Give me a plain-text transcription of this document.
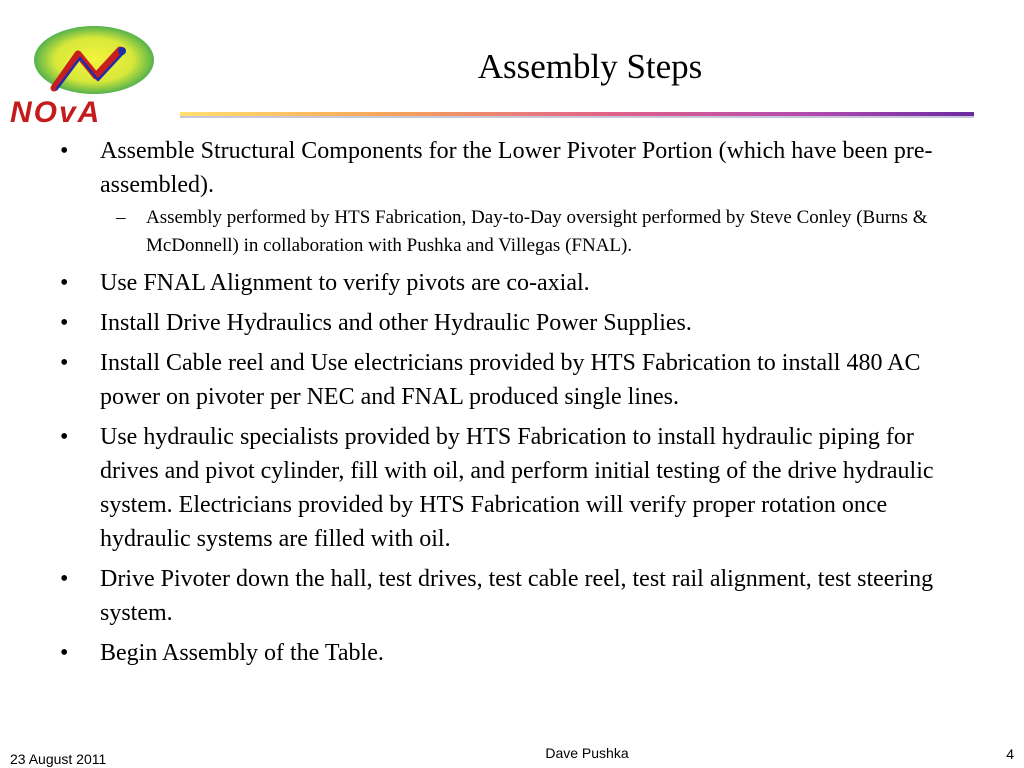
NOvA
Assembly Steps
• Assemble Structural Components for the Lower Pivoter Portion (which have been pre-assembled).
– Assembly performed by HTS Fabrication, Day-to-Day oversight performed by Steve Conley (Burns & McDonnell) in collaboration with Pushka and Villegas (FNAL).
• Use FNAL Alignment to verify pivots are co-axial.
• Install Drive Hydraulics and other Hydraulic Power Supplies.
• Install Cable reel and Use electricians provided by HTS Fabrication to install 480 AC power on pivoter per NEC and FNAL produced single lines.
• Use hydraulic specialists provided by HTS Fabrication to install hydraulic piping for drives and pivot cylinder, fill with oil, and perform initial testing of the drive hydraulic system. Electricians provided by HTS Fabrication will verify proper rotation once hydraulic systems are filled with oil.
• Drive Pivoter down the hall, test drives, test cable reel, test rail alignment, test steering system.
• Begin Assembly of the Table.
23 August 2011	Dave Pushka	4
